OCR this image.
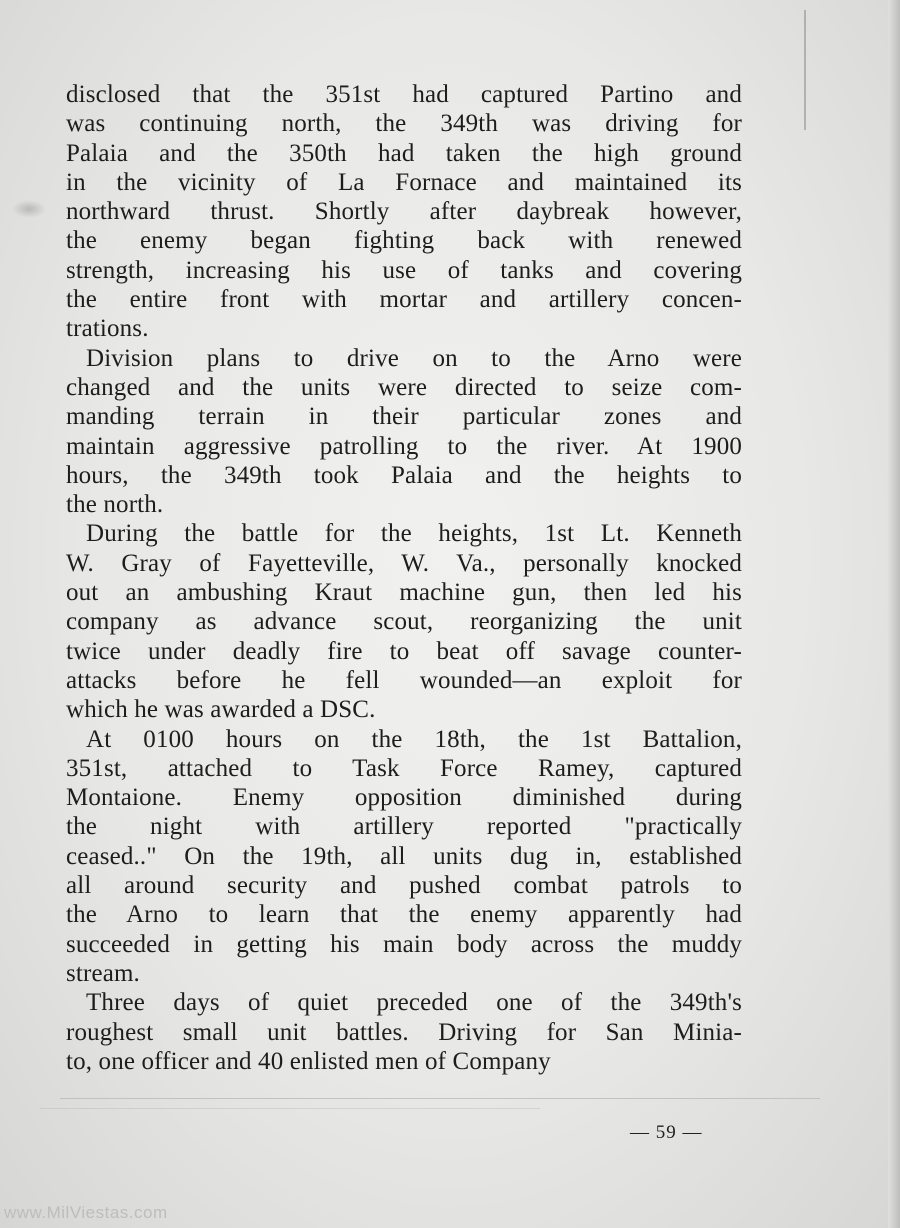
disclosed that the 351st had captured Partino and
was continuing north, the 349th was driving for
Palaia and the 350th had taken the high ground
in the vicinity of La Fornace and maintained its
northward thrust. Shortly after daybreak however,
the enemy began fighting back with renewed
strength, increasing his use of tanks and covering
the entire front with mortar and artillery concen-
trations.
Division plans to drive on to the Arno were
changed and the units were directed to seize com-
manding terrain in their particular zones and
maintain aggressive patrolling to the river. At 1900
hours, the 349th took Palaia and the heights to
the north.
During the battle for the heights, 1st Lt. Kenneth
W. Gray of Fayetteville, W. Va., personally knocked
out an ambushing Kraut machine gun, then led his
company as advance scout, reorganizing the unit
twice under deadly fire to beat off savage counter-
attacks before he fell wounded—an exploit for
which he was awarded a DSC.
At 0100 hours on the 18th, the 1st Battalion,
351st, attached to Task Force Ramey, captured
Montaione. Enemy opposition diminished during
the night with artillery reported "practically
ceased.." On the 19th, all units dug in, established
all around security and pushed combat patrols to
the Arno to learn that the enemy apparently had
succeeded in getting his main body across the muddy
stream.
Three days of quiet preceded one of the 349th's
roughest small unit battles. Driving for San Minia-
to, one officer and 40 enlisted men of Company
— 59 —
www.MilViestas.com
